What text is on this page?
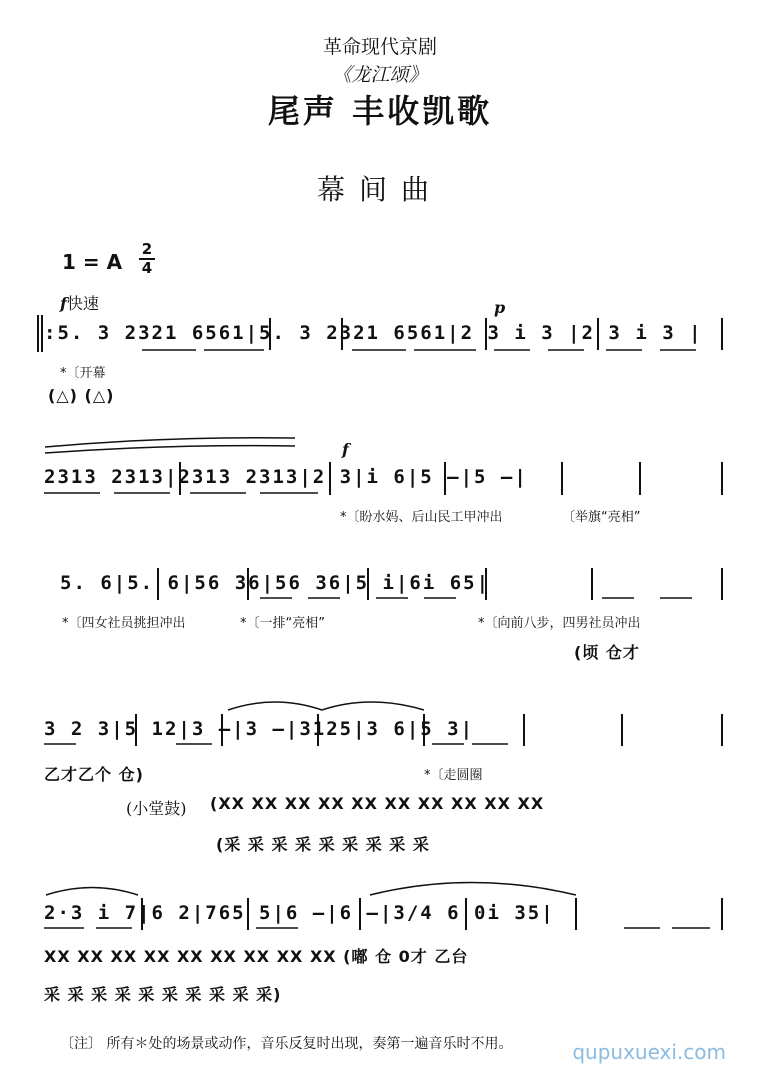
革命现代京剧
《龙江颂》
尾声 丰收凯歌
幕间曲
1 = A
2
4
f快速	p
:5. 3 2321 6561|5. 3 2321 6561|2 3 i 3 |2 3 i 3 |
*〔开幕
(△) (△)
f
2313 2313|2313 2313|2 3|i 6|5 —|5 —|
*〔盼水妈、后山民工甲冲出	〔举旗“亮相”
5. 6|5. 6|56 36|56 36|5 i|6i 65|
*〔四女社员挑担冲出	*〔一排“亮相”	*〔向前八步，四男社员冲出
(顷 仓才
3 2 3|5 12|3 —|3 —|3125|3 6|5 3|
*〔走圆圈
乙才乙个 仓)
(小堂鼓) (XX XX XX XX XX XX XX XX XX XX
(采 采 采 采 采 采 采 采 采
2·3 i 7|6 2|765 5|6 —|6 —|3/4 6 0i 35|
XX XX XX XX XX XX XX XX XX (嘟 仓 0才 乙台
采 采 采 采 采 采 采 采 采 采)
〔注〕 所有＊处的场景或动作，音乐反复时出现，奏第一遍音乐时不用。	qupuxuexi.com
